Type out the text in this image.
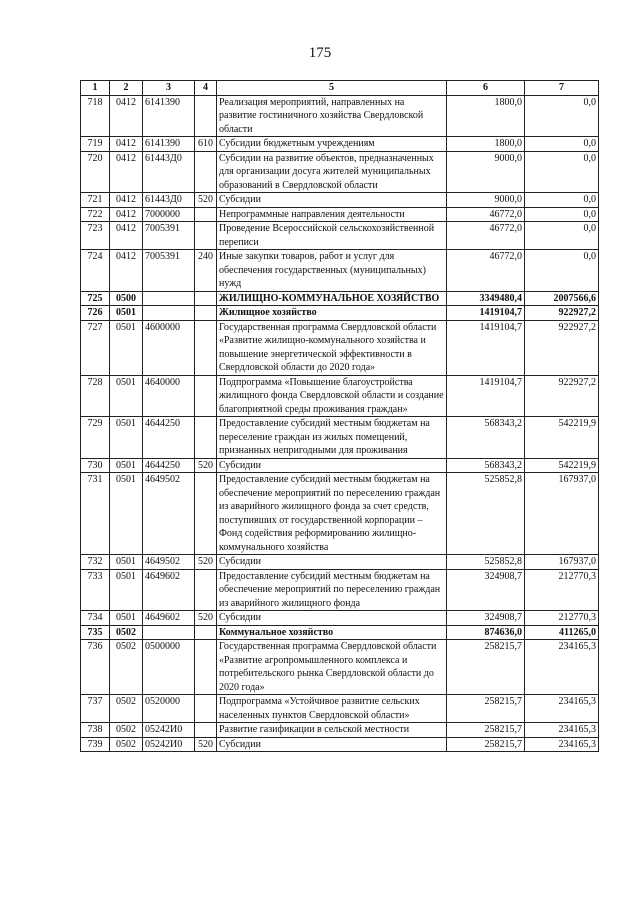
175
1	2	3	4	5	6	7
718	0412	6141390		Реализация мероприятий, направленных на развитие гостиничного хозяйства Свердловской области	1800,0	0,0
719	0412	6141390	610	Субсидии бюджетным учреждениям	1800,0	0,0
720	0412	61443Д0		Субсидии на развитие объектов, предназначенных для организации досуга жителей муниципальных образований в Свердловской области	9000,0	0,0
721	0412	61443Д0	520	Субсидии	9000,0	0,0
722	0412	7000000		Непрограммные направления деятельности	46772,0	0,0
723	0412	7005391		Проведение Всероссийской сельскохозяйственной переписи	46772,0	0,0
724	0412	7005391	240	Иные закупки товаров, работ и услуг для обеспечения государственных (муниципальных) нужд	46772,0	0,0
725	0500			ЖИЛИЩНО-КОММУНАЛЬНОЕ ХОЗЯЙСТВО	3349480,4	2007566,6
726	0501			Жилищное хозяйство	1419104,7	922927,2
727	0501	4600000		Государственная программа Свердловской области «Развитие жилищно-коммунального хозяйства и повышение энергетической эффективности в Свердловской области до 2020 года»	1419104,7	922927,2
728	0501	4640000		Подпрограмма «Повышение благоустройства жилищного фонда Свердловской области и создание благоприятной среды проживания граждан»	1419104,7	922927,2
729	0501	4644250		Предоставление субсидий местным бюджетам на переселение граждан из жилых помещений, признанных непригодными для проживания	568343,2	542219,9
730	0501	4644250	520	Субсидии	568343,2	542219,9
731	0501	4649502		Предоставление субсидий местным бюджетам на обеспечение мероприятий по переселению граждан из аварийного жилищного фонда за счет средств, поступивших от государственной корпорации – Фонд содействия реформированию жилищно-коммунального хозяйства	525852,8	167937,0
732	0501	4649502	520	Субсидии	525852,8	167937,0
733	0501	4649602		Предоставление субсидий местным бюджетам на обеспечение мероприятий по переселению граждан из аварийного жилищного фонда	324908,7	212770,3
734	0501	4649602	520	Субсидии	324908,7	212770,3
735	0502			Коммунальное хозяйство	874636,0	411265,0
736	0502	0500000		Государственная программа Свердловской области «Развитие агропромышленного комплекса и потребительского рынка Свердловской области до 2020 года»	258215,7	234165,3
737	0502	0520000		Подпрограмма «Устойчивое развитие сельских населенных пунктов Свердловской области»	258215,7	234165,3
738	0502	05242И0		Развитие газификации в сельской местности	258215,7	234165,3
739	0502	05242И0	520	Субсидии	258215,7	234165,3
